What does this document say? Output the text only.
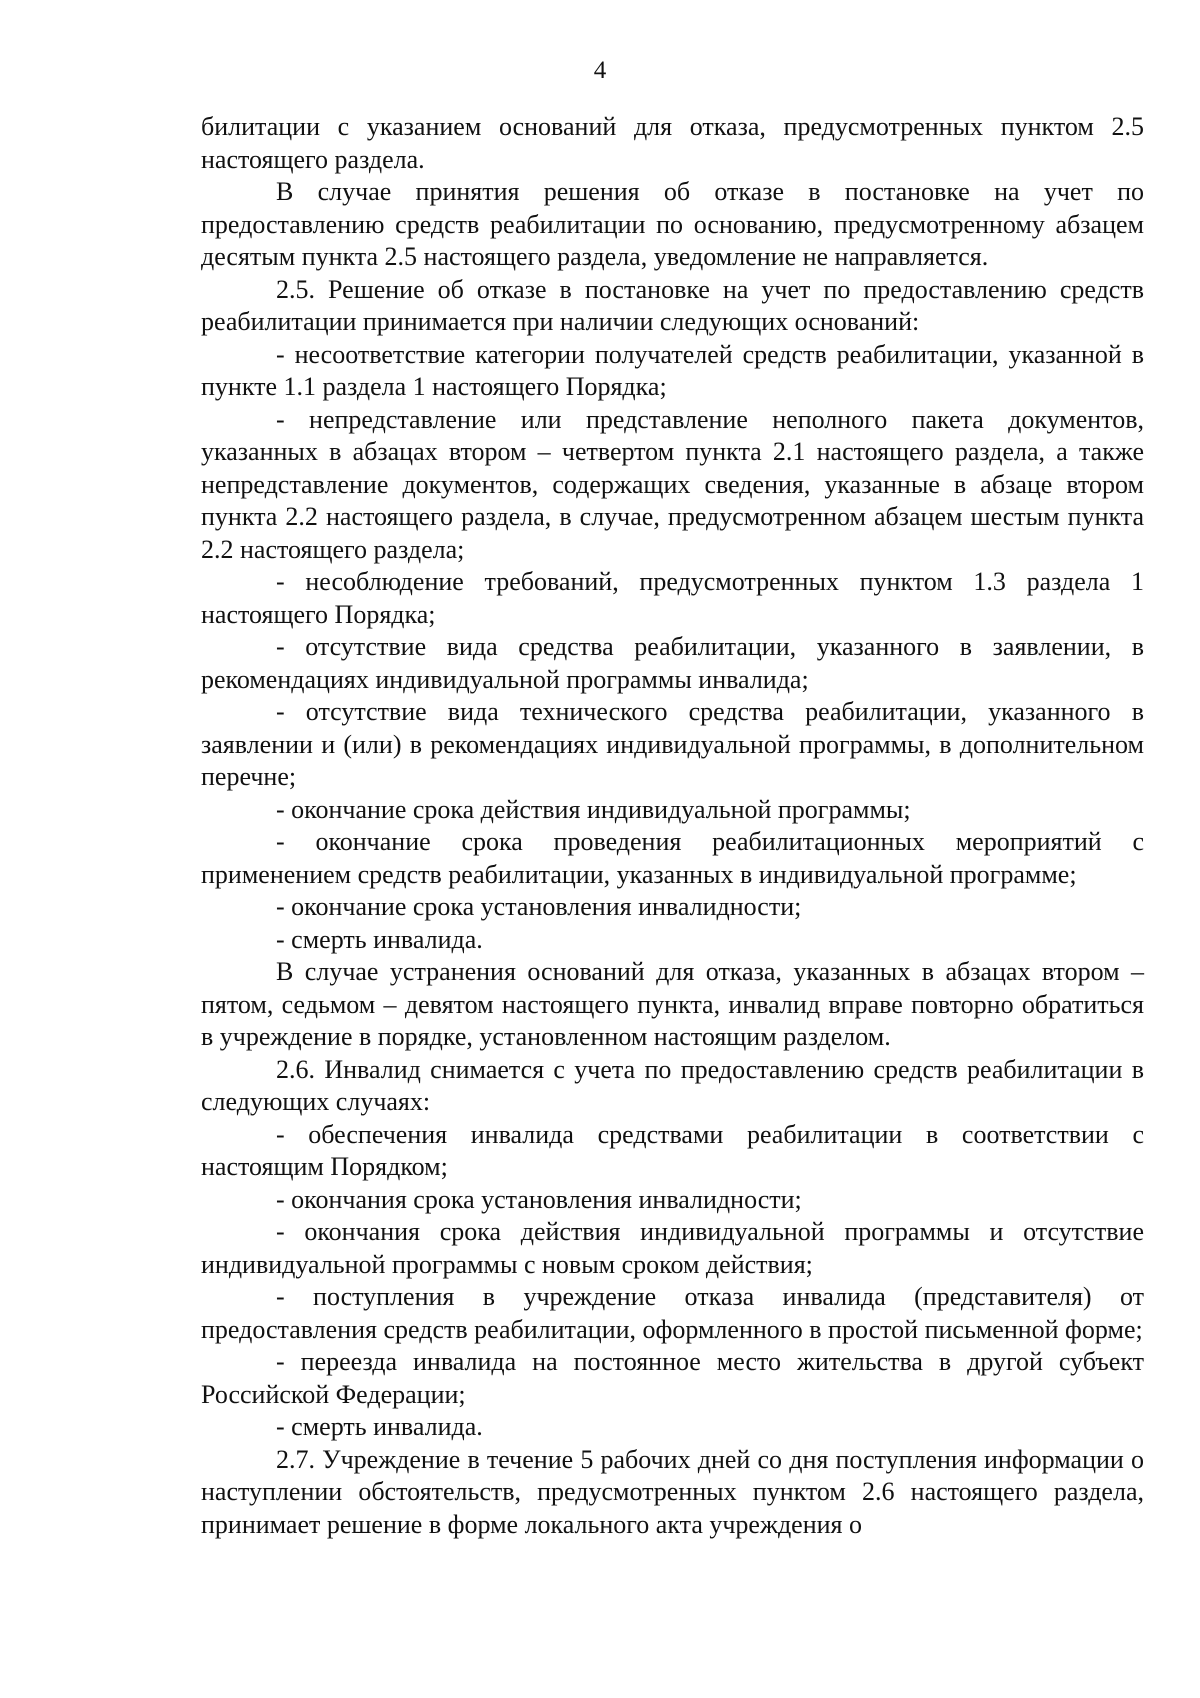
4

билитации с указанием оснований для отказа, предусмотренных пунктом 2.5 настоящего раздела.

В случае принятия решения об отказе в постановке на учет по предоставлению средств реабилитации по основанию, предусмотренному абзацем десятым пункта 2.5 настоящего раздела, уведомление не направляется.

2.5. Решение об отказе в постановке на учет по предоставлению средств реабилитации принимается при наличии следующих оснований:

- несоответствие категории получателей средств реабилитации, указанной в пункте 1.1 раздела 1 настоящего Порядка;

- непредставление или представление неполного пакета документов, указанных в абзацах втором – четвертом пункта 2.1 настоящего раздела, а также непредставление документов, содержащих сведения, указанные в абзаце втором пункта 2.2 настоящего раздела, в случае, предусмотренном абзацем шестым пункта 2.2 настоящего раздела;

- несоблюдение требований, предусмотренных пунктом 1.3 раздела 1 настоящего Порядка;

- отсутствие вида средства реабилитации, указанного в заявлении, в рекомендациях индивидуальной программы инвалида;

- отсутствие вида технического средства реабилитации, указанного в заявлении и (или) в рекомендациях индивидуальной программы, в дополнительном перечне;

- окончание срока действия индивидуальной программы;

- окончание срока проведения реабилитационных мероприятий с применением средств реабилитации, указанных в индивидуальной программе;

- окончание срока установления инвалидности;

- смерть инвалида.

В случае устранения оснований для отказа, указанных в абзацах втором – пятом, седьмом – девятом настоящего пункта, инвалид вправе повторно обратиться в учреждение в порядке, установленном настоящим разделом.

2.6. Инвалид снимается с учета по предоставлению средств реабилитации в следующих случаях:

- обеспечения инвалида средствами реабилитации в соответствии с настоящим Порядком;

- окончания срока установления инвалидности;

- окончания срока действия индивидуальной программы и отсутствие индивидуальной программы с новым сроком действия;

- поступления в учреждение отказа инвалида (представителя) от предоставления средств реабилитации, оформленного в простой письменной форме;

- переезда инвалида на постоянное место жительства в другой субъект Российской Федерации;

- смерть инвалида.

2.7. Учреждение в течение 5 рабочих дней со дня поступления информации о наступлении обстоятельств, предусмотренных пунктом 2.6 настоящего раздела, принимает решение в форме локального акта учреждения о
